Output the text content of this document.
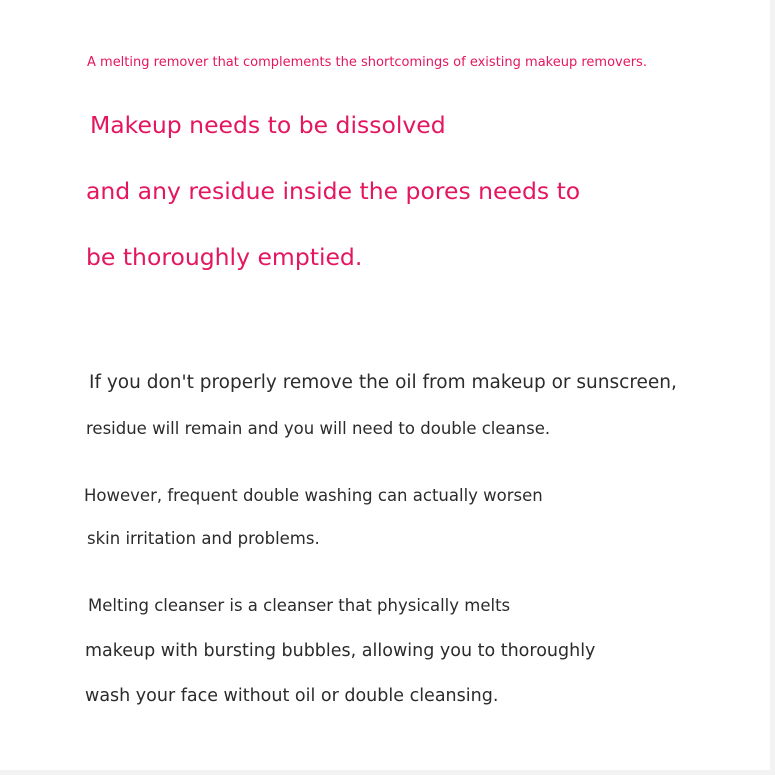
A melting remover that complements the shortcomings of existing makeup removers.
Makeup needs to be dissolved
and any residue inside the pores needs to
be thoroughly emptied.
If you don't properly remove the oil from makeup or sunscreen,
residue will remain and you will need to double cleanse.
However, frequent double washing can actually worsen
skin irritation and problems.
Melting cleanser is a cleanser that physically melts
makeup with bursting bubbles, allowing you to thoroughly
wash your face without oil or double cleansing.
